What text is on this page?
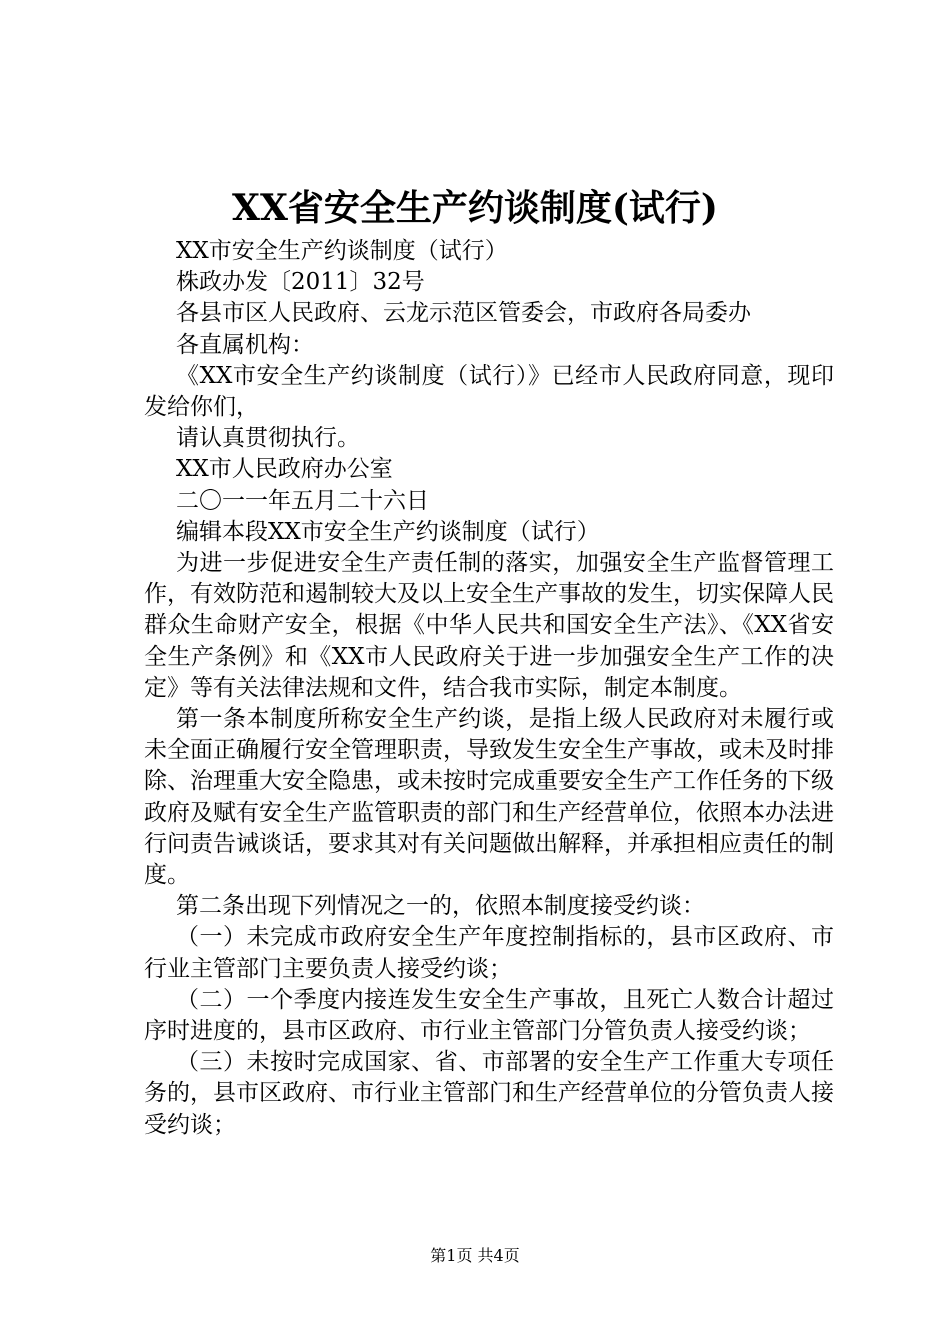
XX省安全生产约谈制度(试行)

XX市安全生产约谈制度（试行）

株政办发〔2011〕32号

各县市区人民政府、云龙示范区管委会，市政府各局委办

各直属机构：

《XX市安全生产约谈制度（试行）》已经市人民政府同意，现印发给你们，

请认真贯彻执行。

XX市人民政府办公室

二〇一一年五月二十六日

编辑本段XX市安全生产约谈制度（试行）

为进一步促进安全生产责任制的落实，加强安全生产监督管理工作，有效防范和遏制较大及以上安全生产事故的发生，切实保障人民群众生命财产安全，根据《中华人民共和国安全生产法》、《XX省安全生产条例》和《XX市人民政府关于进一步加强安全生产工作的决定》等有关法律法规和文件，结合我市实际，制定本制度。

第一条本制度所称安全生产约谈，是指上级人民政府对未履行或未全面正确履行安全管理职责，导致发生安全生产事故，或未及时排除、治理重大安全隐患，或未按时完成重要安全生产工作任务的下级政府及赋有安全生产监管职责的部门和生产经营单位，依照本办法进行问责告诫谈话，要求其对有关问题做出解释，并承担相应责任的制度。

第二条出现下列情况之一的，依照本制度接受约谈：

（一）未完成市政府安全生产年度控制指标的，县市区政府、市行业主管部门主要负责人接受约谈；

（二）一个季度内接连发生安全生产事故，且死亡人数合计超过序时进度的，县市区政府、市行业主管部门分管负责人接受约谈；

（三）未按时完成国家、省、市部署的安全生产工作重大专项任务的，县市区政府、市行业主管部门和生产经营单位的分管负责人接受约谈；

第1页 共4页
